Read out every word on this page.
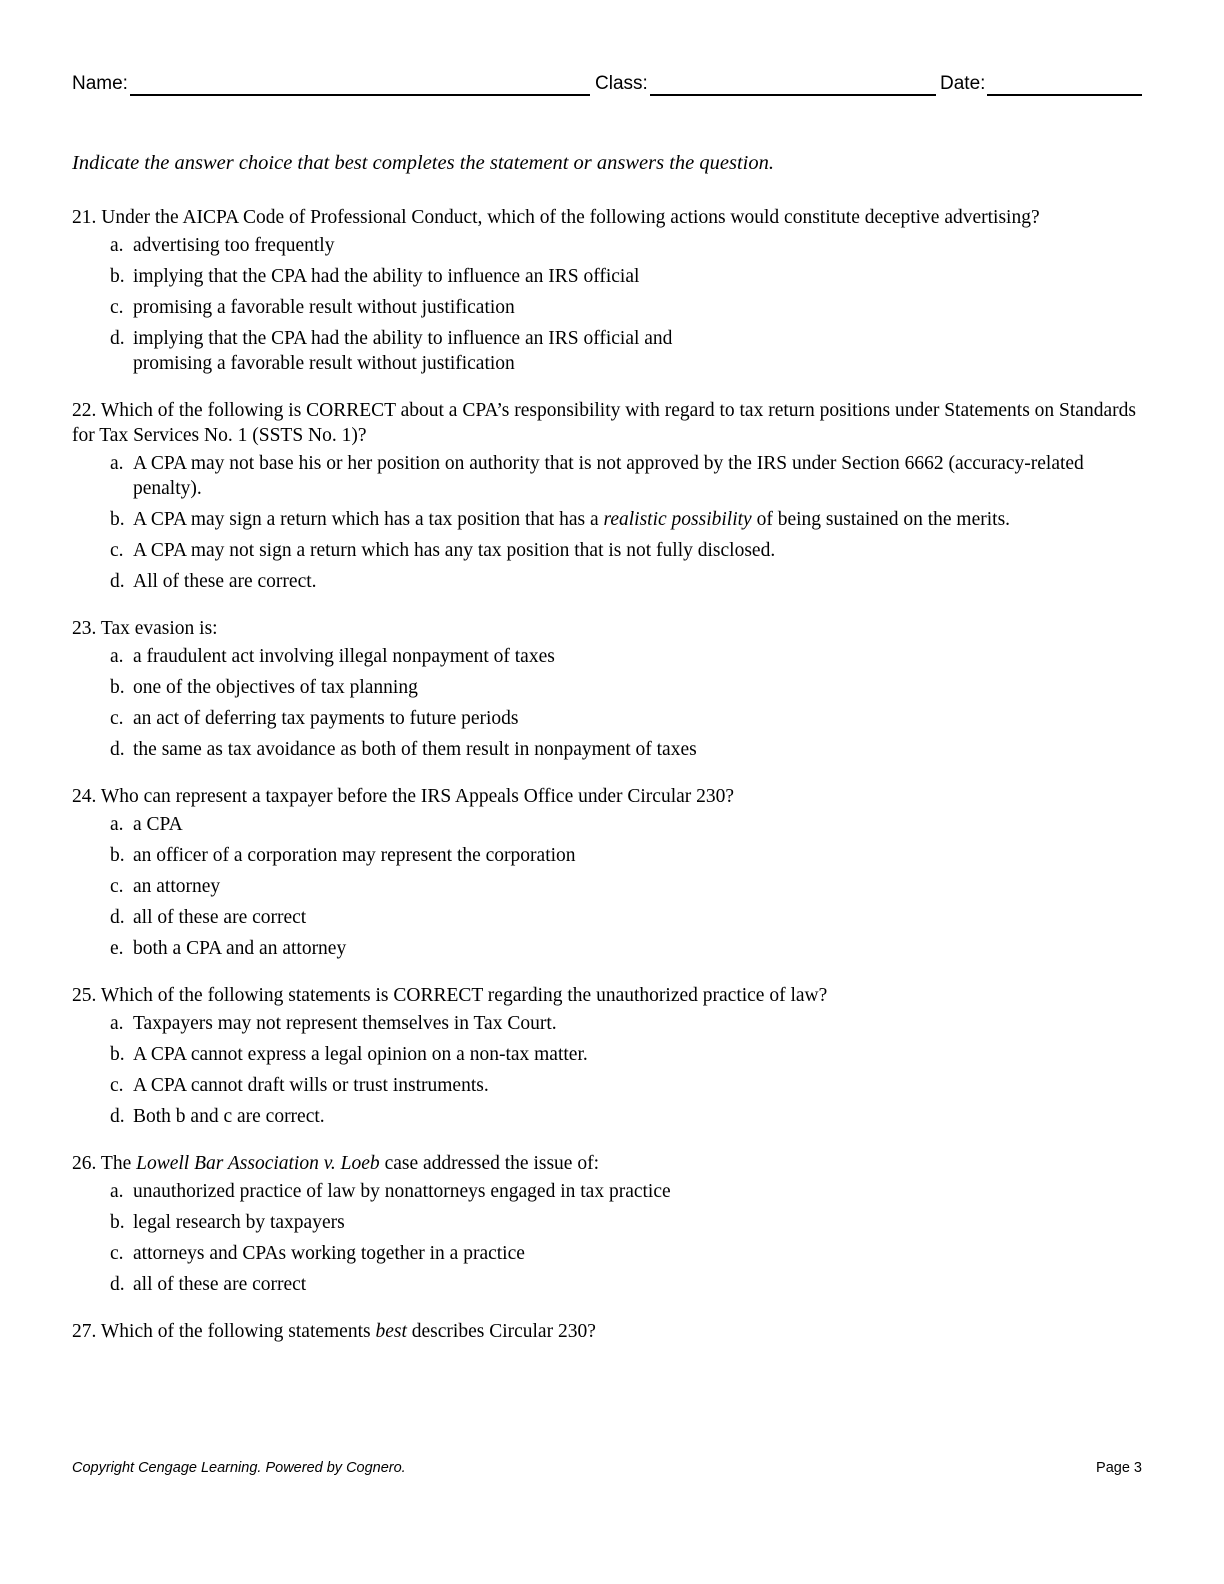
Name:	Class:	Date:
Indicate the answer choice that best completes the statement or answers the question.
21. Under the AICPA Code of Professional Conduct, which of the following actions would constitute deceptive advertising?
a. advertising too frequently
b. implying that the CPA had the ability to influence an IRS official
c. promising a favorable result without justification
d. implying that the CPA had the ability to influence an IRS official and
promising a favorable result without justification
22. Which of the following is CORRECT about a CPA’s responsibility with regard to tax return positions under Statements on Standards for Tax Services No. 1 (SSTS No. 1)?
a. A CPA may not base his or her position on authority that is not approved by the IRS under Section 6662 (accuracy-related penalty).
b. A CPA may sign a return which has a tax position that has a realistic possibility of being sustained on the merits.
c. A CPA may not sign a return which has any tax position that is not fully disclosed.
d. All of these are correct.
23. Tax evasion is:
a. a fraudulent act involving illegal nonpayment of taxes
b. one of the objectives of tax planning
c. an act of deferring tax payments to future periods
d. the same as tax avoidance as both of them result in nonpayment of taxes
24. Who can represent a taxpayer before the IRS Appeals Office under Circular 230?
a. a CPA
b. an officer of a corporation may represent the corporation
c. an attorney
d. all of these are correct
e. both a CPA and an attorney
25. Which of the following statements is CORRECT regarding the unauthorized practice of law?
a. Taxpayers may not represent themselves in Tax Court.
b. A CPA cannot express a legal opinion on a non-tax matter.
c. A CPA cannot draft wills or trust instruments.
d. Both b and c are correct.
26. The Lowell Bar Association v. Loeb case addressed the issue of:
a. unauthorized practice of law by nonattorneys engaged in tax practice
b. legal research by taxpayers
c. attorneys and CPAs working together in a practice
d. all of these are correct
27. Which of the following statements best describes Circular 230?
Copyright Cengage Learning. Powered by Cognero.	Page 3
